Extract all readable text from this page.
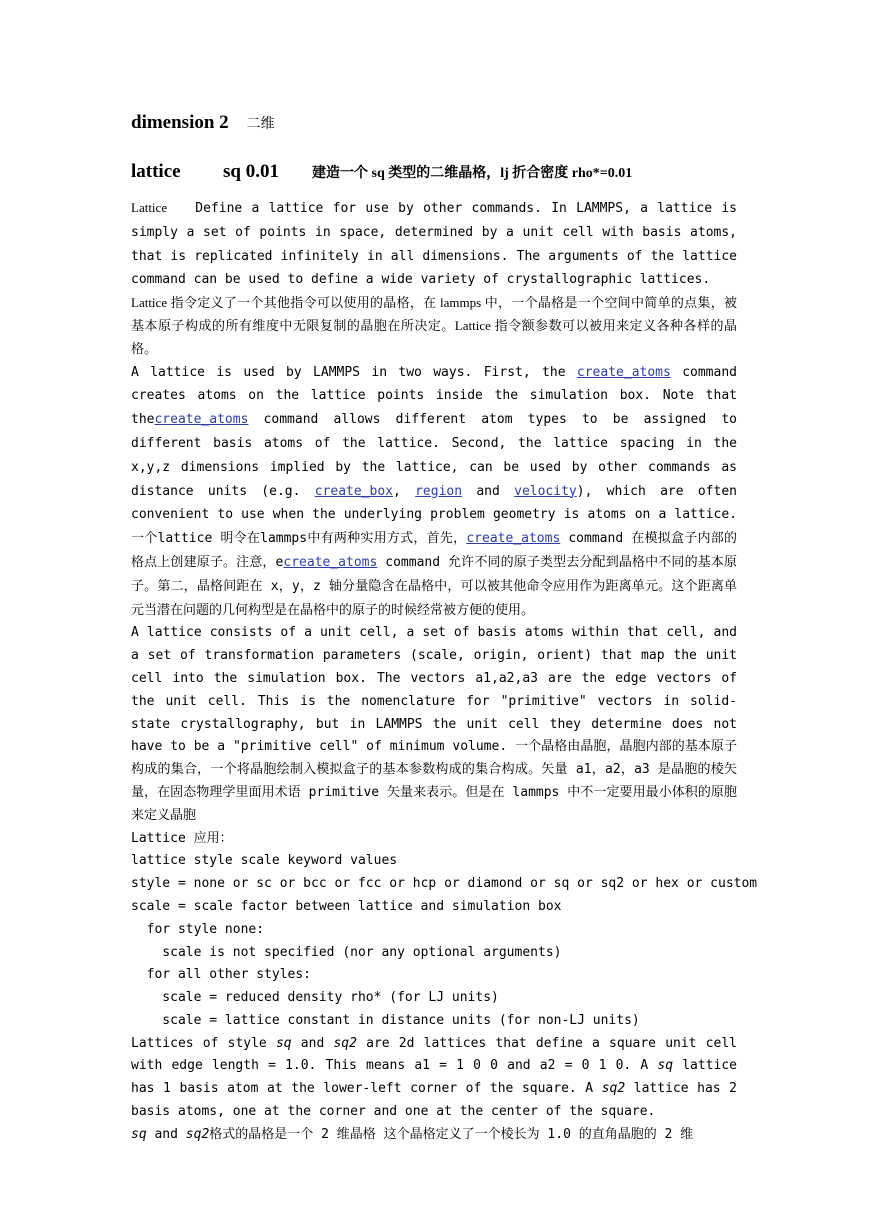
dimension 2 二维
lattice	sq 0.01	建造一个 sq 类型的二维晶格，lj 折合密度 rho*=0.01

Lattice Define a lattice for use by other commands. In LAMMPS, a lattice is simply a set of points in space, determined by a unit cell with basis atoms, that is replicated infinitely in all dimensions. The arguments of the lattice command can be used to define a wide variety of crystallographic lattices.

Lattice 指令定义了一个其他指令可以使用的晶格，在 lammps 中，一个晶格是一个空间中简单的点集，被基本原子构成的所有维度中无限复制的晶胞在所决定。Lattice 指令额参数可以被用来定义各种各样的晶格。

A lattice is used by LAMMPS in two ways. First, the create_atoms command creates atoms on the lattice points inside the simulation box. Note that thecreate_atoms command allows different atom types to be assigned to different basis atoms of the lattice. Second, the lattice spacing in the x,y,z dimensions implied by the lattice, can be used by other commands as distance units (e.g. create_box, region and velocity), which are often convenient to use when the underlying problem geometry is atoms on a lattice. 一个lattice 明令在lammps中有两种实用方式，首先，create_atoms command 在模拟盒子内部的格点上创建原子。注意，ecreate_atoms command 允许不同的原子类型去分配到晶格中不同的基本原子。第二，晶格间距在 x，y，z 轴分量隐含在晶格中，可以被其他命令应用作为距离单元。这个距离单元当潜在问题的几何构型是在晶格中的原子的时候经常被方便的使用。

A lattice consists of a unit cell, a set of basis atoms within that cell, and a set of transformation parameters (scale, origin, orient) that map the unit cell into the simulation box. The vectors a1,a2,a3 are the edge vectors of the unit cell. This is the nomenclature for "primitive" vectors in solid-state crystallography, but in LAMMPS the unit cell they determine does not have to be a "primitive cell" of minimum volume. 一个晶格由晶胞，晶胞内部的基本原子构成的集合，一个将晶胞绘制入模拟盒子的基本参数构成的集合构成。矢量 a1，a2，a3 是晶胞的棱矢量，在固态物理学里面用术语 primitive 矢量来表示。但是在 lammps 中不一定要用最小体积的原胞来定义晶胞

Lattice 应用：

lattice style scale keyword values
style = none or sc or bcc or fcc or hcp or diamond or sq or sq2 or hex or custom
scale = scale factor between lattice and simulation box
for style none:
scale is not specified (nor any optional arguments)
for all other styles:
scale = reduced density rho* (for LJ units)
scale = lattice constant in distance units (for non-LJ units)

Lattices of style sq and sq2 are 2d lattices that define a square unit cell with edge length = 1.0. This means a1 = 1 0 0 and a2 = 0 1 0. A sq lattice has 1 basis atom at the lower-left corner of the square. A sq2 lattice has 2 basis atoms, one at the corner and one at the center of the square.

sq and sq2格式的晶格是一个 2 维晶格 这个晶格定义了一个棱长为 1.0 的直角晶胞的 2 维
